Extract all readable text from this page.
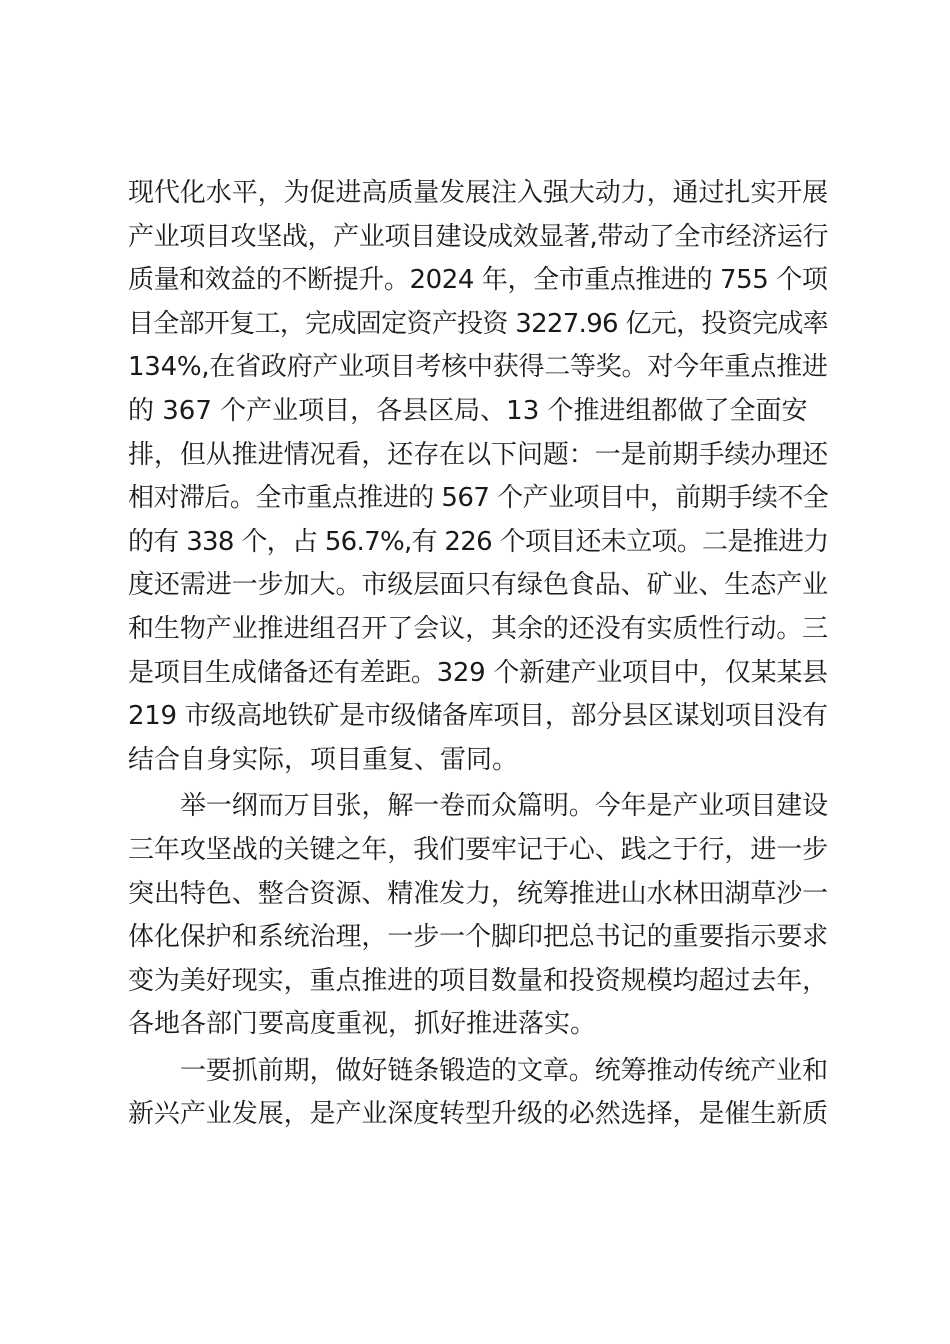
现代化水平，为促进高质量发展注入强大动力，通过扎实开展
产业项目攻坚战，产业项目建设成效显著,带动了全市经济运行
质量和效益的不断提升。2024 年，全市重点推进的 755 个项
目全部开复工，完成固定资产投资 3227.96 亿元，投资完成率
134%,在省政府产业项目考核中获得二等奖。对今年重点推进
的 367 个产业项目，各县区局、13 个推进组都做了全面安
排，但从推进情况看，还存在以下问题：一是前期手续办理还
相对滞后。全市重点推进的 567 个产业项目中，前期手续不全
的有 338 个，占 56.7%,有 226 个项目还未立项。二是推进力
度还需进一步加大。市级层面只有绿色食品、矿业、生态产业
和生物产业推进组召开了会议，其余的还没有实质性行动。三
是项目生成储备还有差距。329 个新建产业项目中，仅某某县
219 市级高地铁矿是市级储备库项目，部分县区谋划项目没有
结合自身实际，项目重复、雷同。
举一纲而万目张，解一卷而众篇明。今年是产业项目建设
三年攻坚战的关键之年，我们要牢记于心、践之于行，进一步
突出特色、整合资源、精准发力，统筹推进山水林田湖草沙一
体化保护和系统治理，一步一个脚印把总书记的重要指示要求
变为美好现实，重点推进的项目数量和投资规模均超过去年，
各地各部门要高度重视，抓好推进落实。
一要抓前期，做好链条锻造的文章。统筹推动传统产业和
新兴产业发展，是产业深度转型升级的必然选择，是催生新质
